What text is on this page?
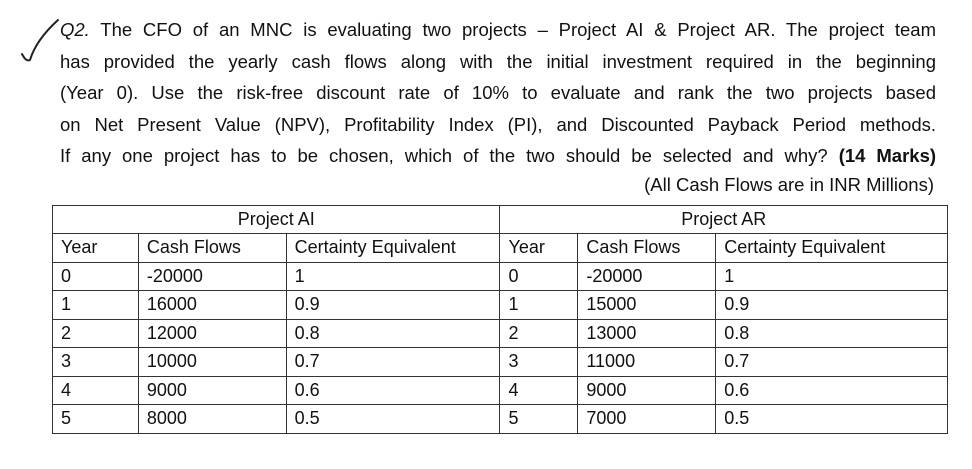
Q2. The CFO of an MNC is evaluating two projects – Project AI & Project AR. The project team
has provided the yearly cash flows along with the initial investment required in the beginning
(Year 0). Use the risk-free discount rate of 10% to evaluate and rank the two projects based
on Net Present Value (NPV), Profitability Index (PI), and Discounted Payback Period methods.
If any one project has to be chosen, which of the two should be selected and why? (14 Marks)
(All Cash Flows are in INR Millions)
Project AI			Project AR		
Year	Cash Flows	Certainty Equivalent	Year	Cash Flows	Certainty Equivalent
0	-20000	1	0	-20000	1
1	16000	0.9	1	15000	0.9
2	12000	0.8	2	13000	0.8
3	10000	0.7	3	11000	0.7
4	9000	0.6	4	9000	0.6
5	8000	0.5	5	7000	0.5
